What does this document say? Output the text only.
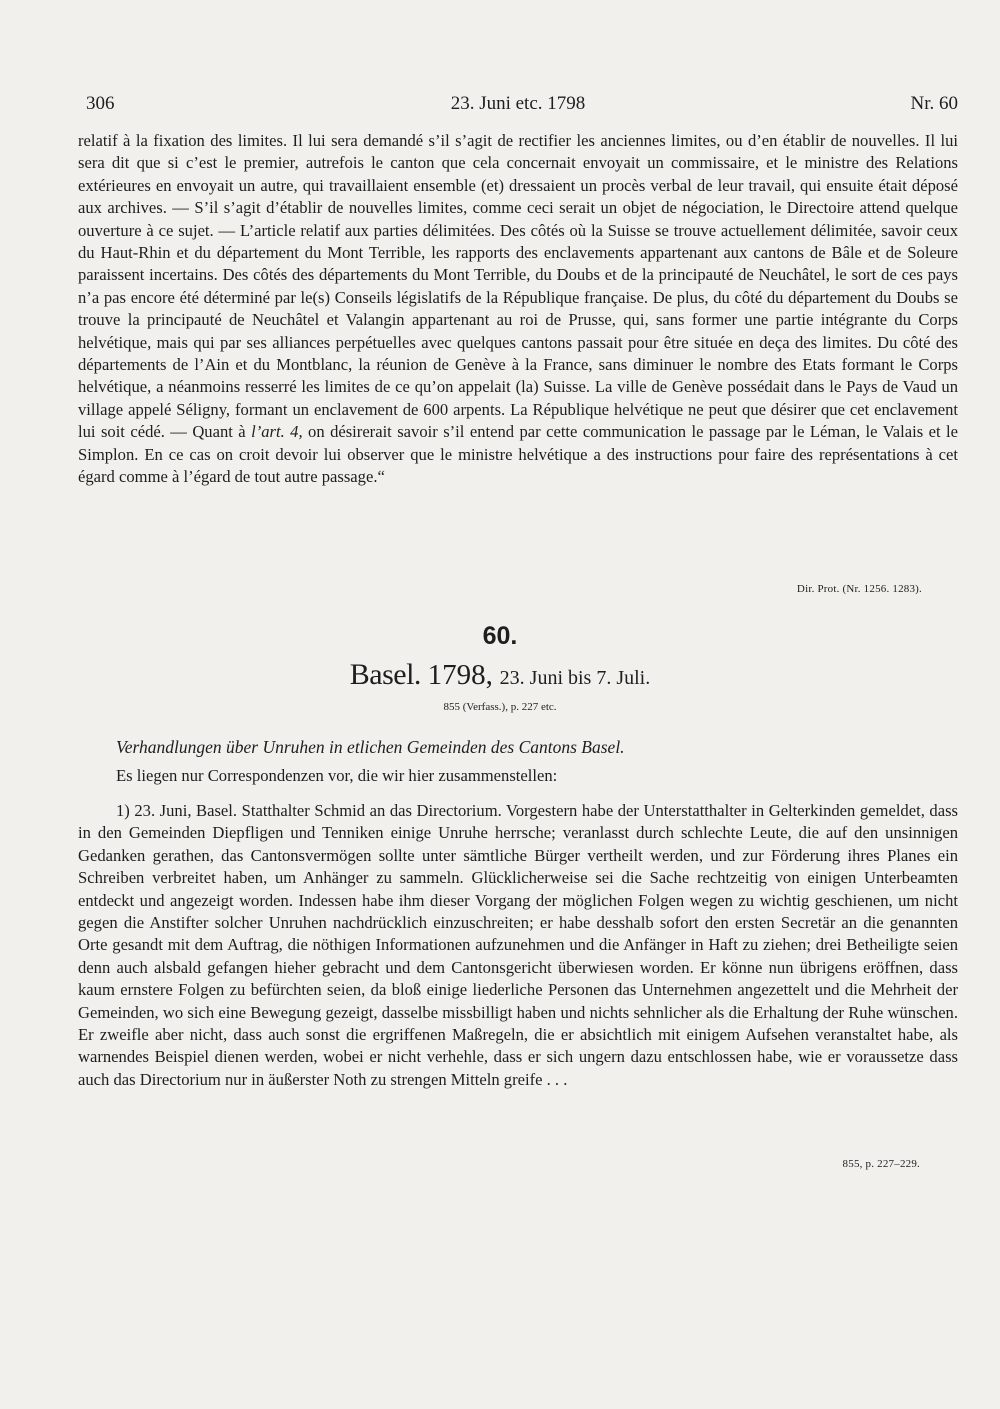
306	23. Juni etc. 1798	Nr. 60

relatif à la fixation des limites. Il lui sera demandé s’il s’agit de rectifier les anciennes limites, ou d’en établir de nouvelles. Il lui sera dit que si c’est le premier, autrefois le canton que cela concernait envoyait un commissaire, et le ministre des Relations extérieures en envoyait un autre, qui travaillaient ensemble (et) dressaient un procès verbal de leur travail, qui ensuite était déposé aux archives. — S’il s’agit d’établir de nouvelles limites, comme ceci serait un objet de négociation, le Directoire attend quelque ouverture à ce sujet. — L’article relatif aux parties délimitées. Des côtés où la Suisse se trouve actuellement délimitée, savoir ceux du Haut-Rhin et du département du Mont Terrible, les rapports des enclavements appartenant aux cantons de Bâle et de Soleure paraissent incertains. Des côtés des départements du Mont Terrible, du Doubs et de la principauté de Neuchâtel, le sort de ces pays n’a pas encore été déterminé par le(s) Conseils législatifs de la République française. De plus, du côté du département du Doubs se trouve la principauté de Neuchâtel et Valangin appartenant au roi de Prusse, qui, sans former une partie intégrante du Corps helvétique, mais qui par ses alliances perpétuelles avec quelques cantons passait pour être située en deça des limites. Du côté des départements de l’Ain et du Montblanc, la réunion de Genève à la France, sans diminuer le nombre des Etats formant le Corps helvétique, a néanmoins resserré les limites de ce qu’on appelait (la) Suisse. La ville de Genève possédait dans le Pays de Vaud un village appelé Séligny, formant un enclavement de 600 arpents. La République helvétique ne peut que désirer que cet enclavement lui soit cédé. — Quant à l’art. 4, on désirerait savoir s’il entend par cette communication le passage par le Léman, le Valais et le Simplon. En ce cas on croit devoir lui observer que le ministre helvétique a des instructions pour faire des représentations à cet égard comme à l’égard de tout autre passage.“

Dir. Prot. (Nr. 1256. 1283).
60.
Basel. 1798, 23. Juni bis 7. Juli.
855 (Verfass.), p. 227 etc.
Verhandlungen über Unruhen in etlichen Gemeinden des Cantons Basel.
Es liegen nur Correspondenzen vor, die wir hier zusammenstellen:

1) 23. Juni, Basel. Statthalter Schmid an das Directorium. Vorgestern habe der Unterstatthalter in Gelterkinden gemeldet, dass in den Gemeinden Diepfligen und Tenniken einige Unruhe herrsche; veranlasst durch schlechte Leute, die auf den unsinnigen Gedanken gerathen, das Cantonsvermögen sollte unter sämtliche Bürger vertheilt werden, und zur Förderung ihres Planes ein Schreiben verbreitet haben, um Anhänger zu sammeln. Glücklicherweise sei die Sache rechtzeitig von einigen Unterbeamten entdeckt und angezeigt worden. Indessen habe ihm dieser Vorgang der möglichen Folgen wegen zu wichtig geschienen, um nicht gegen die Anstifter solcher Unruhen nachdrücklich einzuschreiten; er habe desshalb sofort den ersten Secretär an die genannten Orte gesandt mit dem Auftrag, die nöthigen Informationen aufzunehmen und die Anfänger in Haft zu ziehen; drei Betheiligte seien denn auch alsbald gefangen hieher gebracht und dem Cantonsgericht überwiesen worden. Er könne nun übrigens eröffnen, dass kaum ernstere Folgen zu befürchten seien, da bloß einige liederliche Personen das Unternehmen angezettelt und die Mehrheit der Gemeinden, wo sich eine Bewegung gezeigt, dasselbe missbilligt haben und nichts sehnlicher als die Erhaltung der Ruhe wünschen. Er zweifle aber nicht, dass auch sonst die ergriffenen Maßregeln, die er absichtlich mit einigem Aufsehen veranstaltet habe, als warnendes Beispiel dienen werden, wobei er nicht verhehle, dass er sich ungern dazu entschlossen habe, wie er voraussetze dass auch das Directorium nur in äußerster Noth zu strengen Mitteln greife . . .

855, p. 227–229.
